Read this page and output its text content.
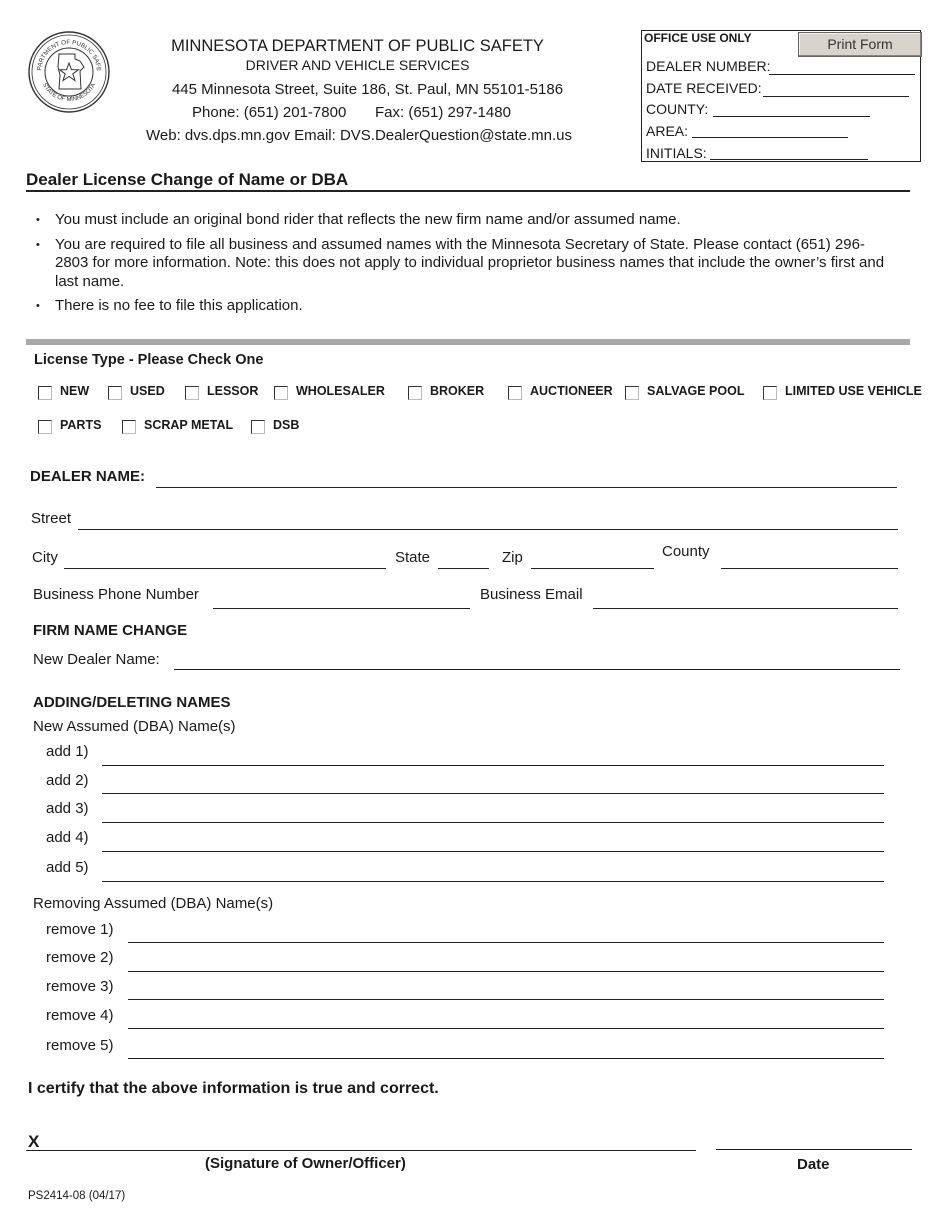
PARTMENT OF PUBLIC SAFE
STATE OF MINNESOTA
MINNESOTA DEPARTMENT OF PUBLIC SAFETY
DRIVER AND VEHICLE SERVICES
445 Minnesota Street, Suite 186, St. Paul, MN 55101-5186
Phone: (651) 201-7800 Fax: (651) 297-1480
Web: dvs.dps.mn.gov Email: DVS.DealerQuestion@state.mn.us
OFFICE USE ONLY	Print Form
DEALER NUMBER:
DATE RECEIVED:
COUNTY:
AREA:
INITIALS:
Dealer License Change of Name or DBA
• You must include an original bond rider that reflects the new firm name and/or assumed name.
• You are required to file all business and assumed names with the Minnesota Secretary of State. Please contact (651) 296-2803 for more information. Note: this does not apply to individual proprietor business names that include the owner’s first and last name.
• There is no fee to file this application.
License Type - Please Check One
NEW	USED	LESSOR	WHOLESALER	BROKER	AUCTIONEER	SALVAGE POOL	LIMITED USE VEHICLE
PARTS	SCRAP METAL	DSB
DEALER NAME:
Street
City	State	Zip	County
Business Phone Number	Business Email
FIRM NAME CHANGE
New Dealer Name:
ADDING/DELETING NAMES
New Assumed (DBA) Name(s)
add 1)
add 2)
add 3)
add 4)
add 5)
Removing Assumed (DBA) Name(s)
remove 1)
remove 2)
remove 3)
remove 4)
remove 5)
I certify that the above information is true and correct.
X
(Signature of Owner/Officer)	Date
PS2414-08 (04/17)
